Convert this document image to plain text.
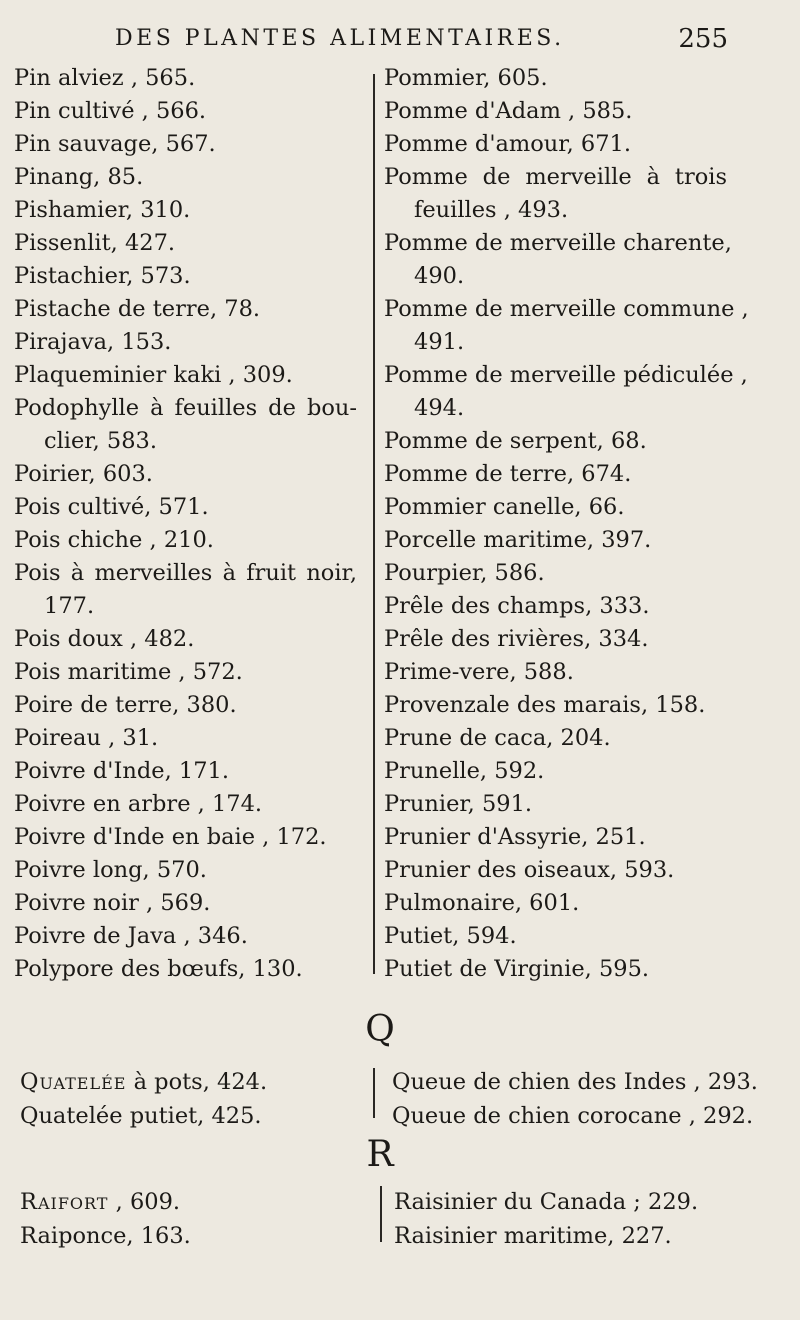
DES PLANTES ALIMENTAIRES.	255
Pin alviez , 565.
Pin cultivé , 566.
Pin sauvage, 567.
Pinang, 85.
Pishamier, 310.
Pissenlit, 427.
Pistachier, 573.
Pistache de terre, 78.
Pirajava, 153.
Plaqueminier kaki , 309.
Podophylle à feuilles de bou-
clier, 583.
Poirier, 603.
Pois cultivé, 571.
Pois chiche , 210.
Pois à merveilles à fruit noir,
177.
Pois doux , 482.
Pois maritime , 572.
Poire de terre, 380.
Poireau , 31.
Poivre d'Inde, 171.
Poivre en arbre , 174.
Poivre d'Inde en baie , 172.
Poivre long, 570.
Poivre noir , 569.
Poivre de Java , 346.
Polypore des bœufs, 130.
Pommier, 605.
Pomme d'Adam , 585.
Pomme d'amour, 671.
Pomme de merveille à trois
feuilles , 493.
Pomme de merveille charente,
490.
Pomme de merveille commune ,
491.
Pomme de merveille pédiculée ,
494.
Pomme de serpent, 68.
Pomme de terre, 674.
Pommier canelle, 66.
Porcelle maritime, 397.
Pourpier, 586.
Prêle des champs, 333.
Prêle des rivières, 334.
Prime-vere, 588.
Provenzale des marais, 158.
Prune de caca, 204.
Prunelle, 592.
Prunier, 591.
Prunier d'Assyrie, 251.
Prunier des oiseaux, 593.
Pulmonaire, 601.
Putiet, 594.
Putiet de Virginie, 595.
Q
Quatelée à pots, 424.
Quatelée putiet, 425.
Queue de chien des Indes , 293.
Queue de chien corocane , 292.
R
Raifort , 609.
Raiponce, 163.
Raisinier du Canada ; 229.
Raisinier maritime, 227.
